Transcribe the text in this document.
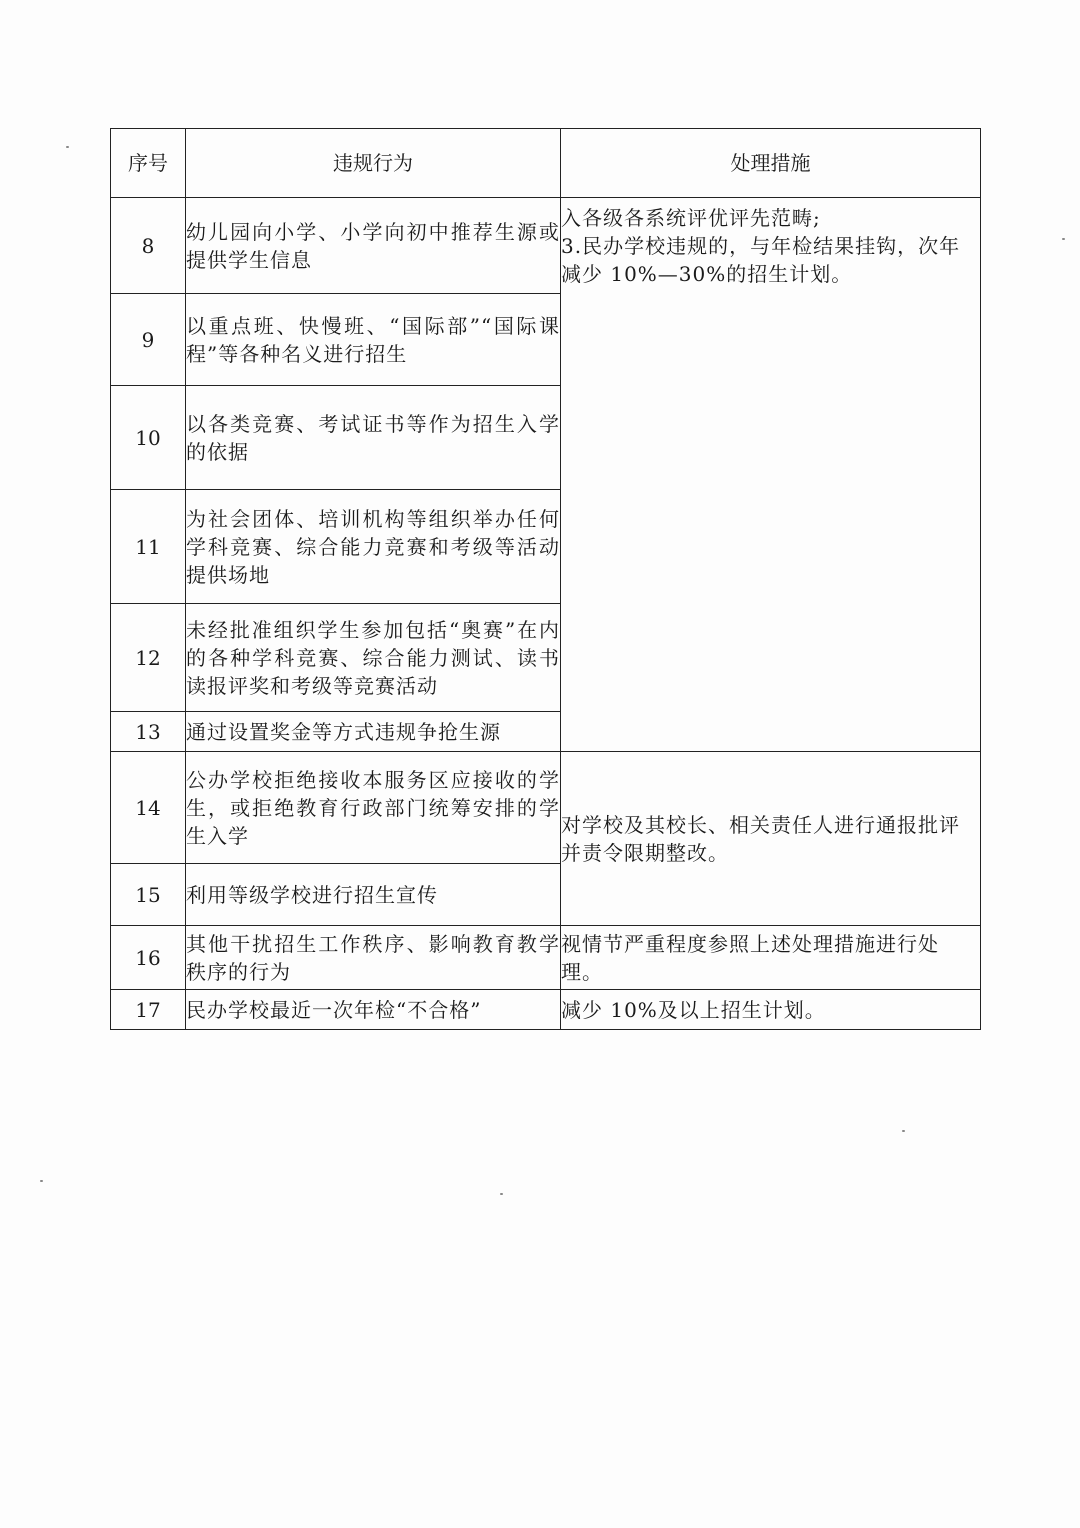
序号	违规行为	处理措施
8	幼儿园向小学、小学向初中推荐生源或提供学生信息	入各级各系统评优评先范畴;
3.民办学校违规的，与年检结果挂钩，次年减少 10%—30%的招生计划。

9	以重点班、快慢班、“国际部”“国际课程”等各种名义进行招生	
10	以各类竞赛、考试证书等作为招生入学的依据	
11	为社会团体、培训机构等组织举办任何学科竞赛、综合能力竞赛和考级等活动提供场地	
12	未经批准组织学生参加包括“奥赛”在内的各种学科竞赛、综合能力测试、读书读报评奖和考级等竞赛活动	
13	通过设置奖金等方式违规争抢生源	
14	公办学校拒绝接收本服务区应接收的学生，或拒绝教育行政部门统筹安排的学生入学	对学校及其校长、相关责任人进行通报批评并责令限期整改。
15	利用等级学校进行招生宣传	
16	其他干扰招生工作秩序、影响教育教学秩序的行为	视情节严重程度参照上述处理措施进行处理。
17	民办学校最近一次年检“不合格”	减少 10%及以上招生计划。
